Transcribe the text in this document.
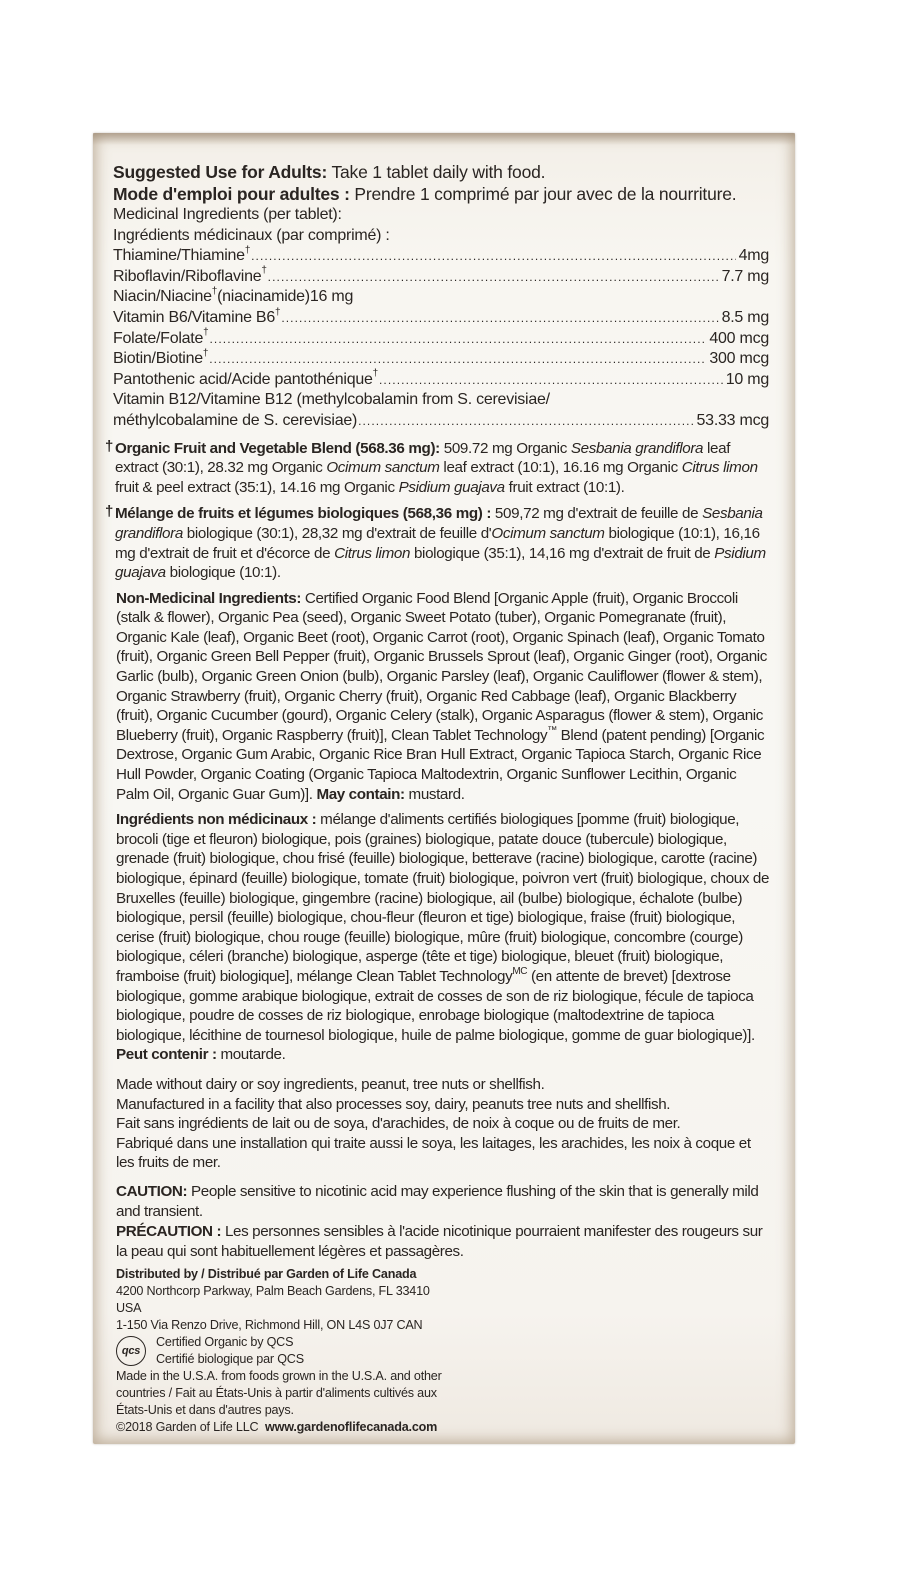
Suggested Use for Adults: Take 1 tablet daily with food.
Mode d'emploi pour adultes : Prendre 1 comprimé par jour avec de la nourriture.
Medicinal Ingredients (per tablet):
Ingrédients médicinaux (par comprimé) :
Thiamine/Thiamine† .....	4mg
Riboflavin/Riboflavine† .....	7.7 mg
Niacin/Niacine†(niacinamide)16 mg
Vitamin B6/Vitamine B6† .....	8.5 mg
Folate/Folate† .....	400 mcg
Biotin/Biotine† .....	300 mcg
Pantothenic acid/Acide pantothénique† .....	10 mg
Vitamin B12/Vitamine B12 (methylcobalamin from S. cerevisiae/
méthylcobalamine de S. cerevisiae) .....	53.33 mcg
† Organic Fruit and Vegetable Blend (568.36 mg): 509.72 mg Organic Sesbania grandiflora leaf extract (30:1), 28.32 mg Organic Ocimum sanctum leaf extract (10:1), 16.16 mg Organic Citrus limon fruit & peel extract (35:1), 14.16 mg Organic Psidium guajava fruit extract (10:1).
† Mélange de fruits et légumes biologiques (568,36 mg) : 509,72 mg d'extrait de feuille de Sesbania grandiflora biologique (30:1), 28,32 mg d'extrait de feuille d'Ocimum sanctum biologique (10:1), 16,16 mg d'extrait de fruit et d'écorce de Citrus limon biologique (35:1), 14,16 mg d'extrait de fruit de Psidium guajava biologique (10:1).
Non-Medicinal Ingredients: Certified Organic Food Blend [Organic Apple (fruit), Organic Broccoli (stalk & flower), Organic Pea (seed), Organic Sweet Potato (tuber), Organic Pomegranate (fruit), Organic Kale (leaf), Organic Beet (root), Organic Carrot (root), Organic Spinach (leaf), Organic Tomato (fruit), Organic Green Bell Pepper (fruit), Organic Brussels Sprout (leaf), Organic Ginger (root), Organic Garlic (bulb), Organic Green Onion (bulb), Organic Parsley (leaf), Organic Cauliflower (flower & stem), Organic Strawberry (fruit), Organic Cherry (fruit), Organic Red Cabbage (leaf), Organic Blackberry (fruit), Organic Cucumber (gourd), Organic Celery (stalk), Organic Asparagus (flower & stem), Organic Blueberry (fruit), Organic Raspberry (fruit)], Clean Tablet Technology™ Blend (patent pending) [Organic Dextrose, Organic Gum Arabic, Organic Rice Bran Hull Extract, Organic Tapioca Starch, Organic Rice Hull Powder, Organic Coating (Organic Tapioca Maltodextrin, Organic Sunflower Lecithin, Organic Palm Oil, Organic Guar Gum)]. May contain: mustard.
Ingrédients non médicinaux : mélange d'aliments certifiés biologiques [pomme (fruit) biologique, brocoli (tige et fleuron) biologique, pois (graines) biologique, patate douce (tubercule) biologique, grenade (fruit) biologique, chou frisé (feuille) biologique, betterave (racine) biologique, carotte (racine) biologique, épinard (feuille) biologique, tomate (fruit) biologique, poivron vert (fruit) biologique, choux de Bruxelles (feuille) biologique, gingembre (racine) biologique, ail (bulbe) biologique, échalote (bulbe) biologique, persil (feuille) biologique, chou-fleur (fleuron et tige) biologique, fraise (fruit) biologique, cerise (fruit) biologique, chou rouge (feuille) biologique, mûre (fruit) biologique, concombre (courge) biologique, céleri (branche) biologique, asperge (tête et tige) biologique, bleuet (fruit) biologique, framboise (fruit) biologique], mélange Clean Tablet Technology$^{MC}$ (en attente de brevet) [dextrose biologique, gomme arabique biologique, extrait de cosses de son de riz biologique, fécule de tapioca biologique, poudre de cosses de riz biologique, enrobage biologique (maltodextrine de tapioca biologique, lécithine de tournesol biologique, huile de palme biologique, gomme de guar biologique)]. Peut contenir : moutarde.
Made without dairy or soy ingredients, peanut, tree nuts or shellfish.
Manufactured in a facility that also processes soy, dairy, peanuts tree nuts and shellfish.
Fait sans ingrédients de lait ou de soya, d'arachides, de noix à coque ou de fruits de mer.
Fabriqué dans une installation qui traite aussi le soya, les laitages, les arachides, les noix à coque et les fruits de mer.
CAUTION: People sensitive to nicotinic acid may experience flushing of the skin that is generally mild and transient.
PRÉCAUTION : Les personnes sensibles à l'acide nicotinique pourraient manifester des rougeurs sur la peau qui sont habituellement légères et passagères.
Distributed by / Distribué par Garden of Life Canada
4200 Northcorp Parkway, Palm Beach Gardens, FL 33410 USA
1-150 Via Renzo Drive, Richmond Hill, ON L4S 0J7 CAN
qcs
Certified Organic by QCS
Certifié biologique par QCS
Made in the U.S.A. from foods grown in the U.S.A. and other countries / Fait au États-Unis à partir d'aliments cultivés aux États-Unis et dans d'autres pays.
©2018 Garden of Life LLC www.gardenoflifecanada.com
